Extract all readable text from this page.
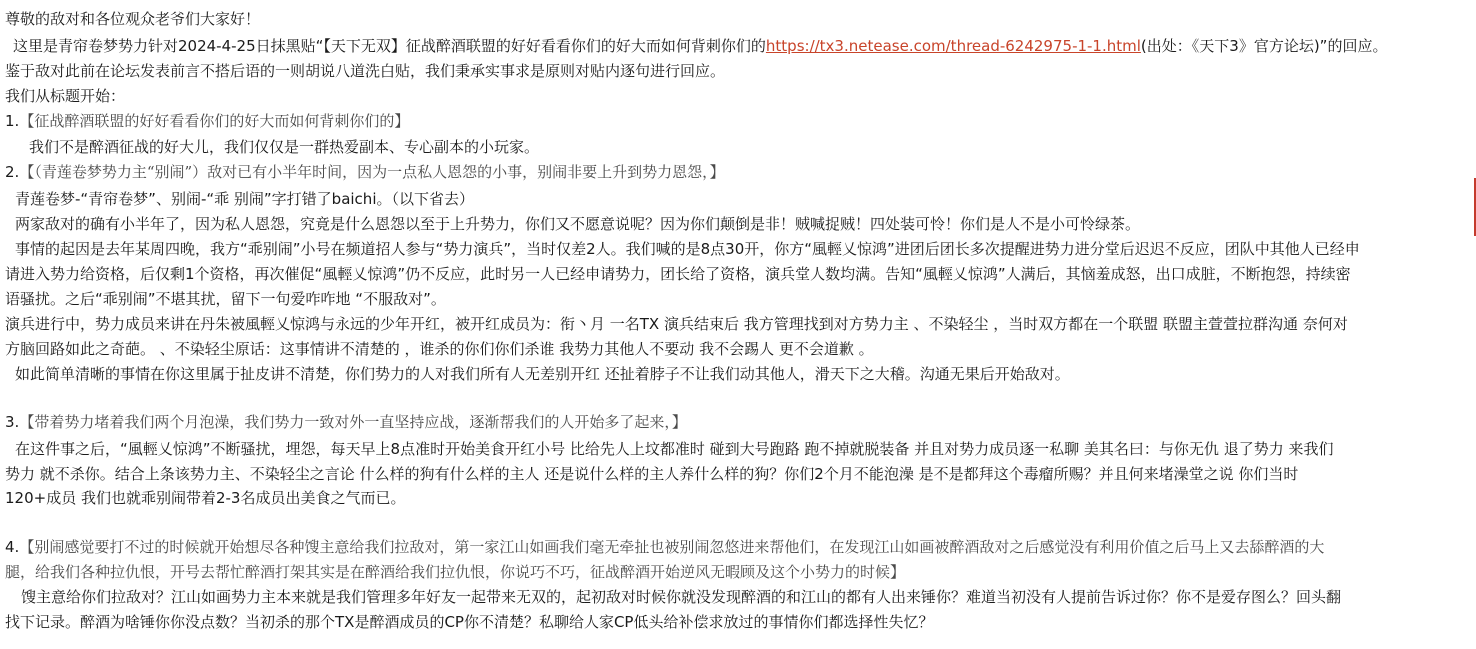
尊敬的敌对和各位观众老爷们大家好！
这里是青帘卷梦势力针对2024-4-25日抹黑贴“【天下无双】征战醉酒联盟的好好看看你们的好大而如何背刺你们的https://tx3.netease.com/thread-6242975-1-1.html(出处：《天下3》官方论坛)”的回应。
鉴于敌对此前在论坛发表前言不搭后语的一则胡说八道洗白贴，我们秉承实事求是原则对贴内逐句进行回应。
我们从标题开始：
1.【征战醉酒联盟的好好看看你们的好大而如何背刺你们的】
我们不是醉酒征战的好大儿，我们仅仅是一群热爱副本、专心副本的小玩家。
2.【（青莲卷梦势力主“别闹”）敌对已有小半年时间，因为一点私人恩怨的小事，别闹非要上升到势力恩怨，】
青莲卷梦-“青帘卷梦”、别闹-“乖 别闹”字打错了baichi。（以下省去）
两家敌对的确有小半年了，因为私人恩怨，究竟是什么恩怨以至于上升势力，你们又不愿意说呢？因为你们颠倒是非！贼喊捉贼！四处装可怜！你们是人不是小可怜绿茶。
事情的起因是去年某周四晚，我方“乖别闹”小号在频道招人参与“势力演兵”，当时仅差2人。我们喊的是8点30开，你方“風輕乂惊鸿”进团后团长多次提醒进势力进分堂后迟迟不反应，团队中其他人已经申
请进入势力给资格，后仅剩1个资格，再次催促“風輕乂惊鸿”仍不反应，此时另一人已经申请势力，团长给了资格，演兵堂人数均满。告知“風輕乂惊鸿”人满后，其恼羞成怒，出口成脏，不断抱怨，持续密
语骚扰。之后“乖别闹”不堪其扰，留下一句爱咋咋地 “不服敌对”。
演兵进行中，势力成员来讲在丹朱被風輕乂惊鸿与永远的少年开红，被开红成员为：衔丶月 一名TX 演兵结束后 我方管理找到对方势力主 、不染轻尘 ，当时双方都在一个联盟 联盟主萱萱拉群沟通 奈何对
方脑回路如此之奇葩。 、不染轻尘原话：这事情讲不清楚的 ，谁杀的你们你们杀谁 我势力其他人不要动 我不会踢人 更不会道歉 。
如此简单清晰的事情在你这里属于扯皮讲不清楚，你们势力的人对我们所有人无差别开红 还扯着脖子不让我们动其他人，滑天下之大稽。沟通无果后开始敌对。
3.【带着势力堵着我们两个月泡澡，我们势力一致对外一直坚持应战，逐渐帮我们的人开始多了起来，】
在这件事之后，“風輕乂惊鸿”不断骚扰，埋怨，每天早上8点准时开始美食开红小号 比给先人上坟都准时 碰到大号跑路 跑不掉就脱装备 并且对势力成员逐一私聊 美其名曰：与你无仇 退了势力 来我们
势力 就不杀你。结合上条该势力主、不染轻尘之言论 什么样的狗有什么样的主人 还是说什么样的主人养什么样的狗？你们2个月不能泡澡 是不是都拜这个毒瘤所赐？并且何来堵澡堂之说 你们当时
120+成员 我们也就乖别闹带着2-3名成员出美食之气而已。
4.【别闹感觉要打不过的时候就开始想尽各种馊主意给我们拉敌对，第一家江山如画我们毫无牵扯也被别闹忽悠进来帮他们，在发现江山如画被醉酒敌对之后感觉没有利用价值之后马上又去舔醉酒的大
腿，给我们各种拉仇恨，开号去帮忙醉酒打架其实是在醉酒给我们拉仇恨，你说巧不巧，征战醉酒开始逆风无暇顾及这个小势力的时候】
馊主意给你们拉敌对？江山如画势力主本来就是我们管理多年好友一起带来无双的，起初敌对时候你就没发现醉酒的和江山的都有人出来锤你？难道当初没有人提前告诉过你？你不是爱存图么？回头翻
找下记录。醉酒为啥锤你你没点数？当初杀的那个TX是醉酒成员的CP你不清楚？私聊给人家CP低头给补偿求放过的事情你们都选择性失忆？
